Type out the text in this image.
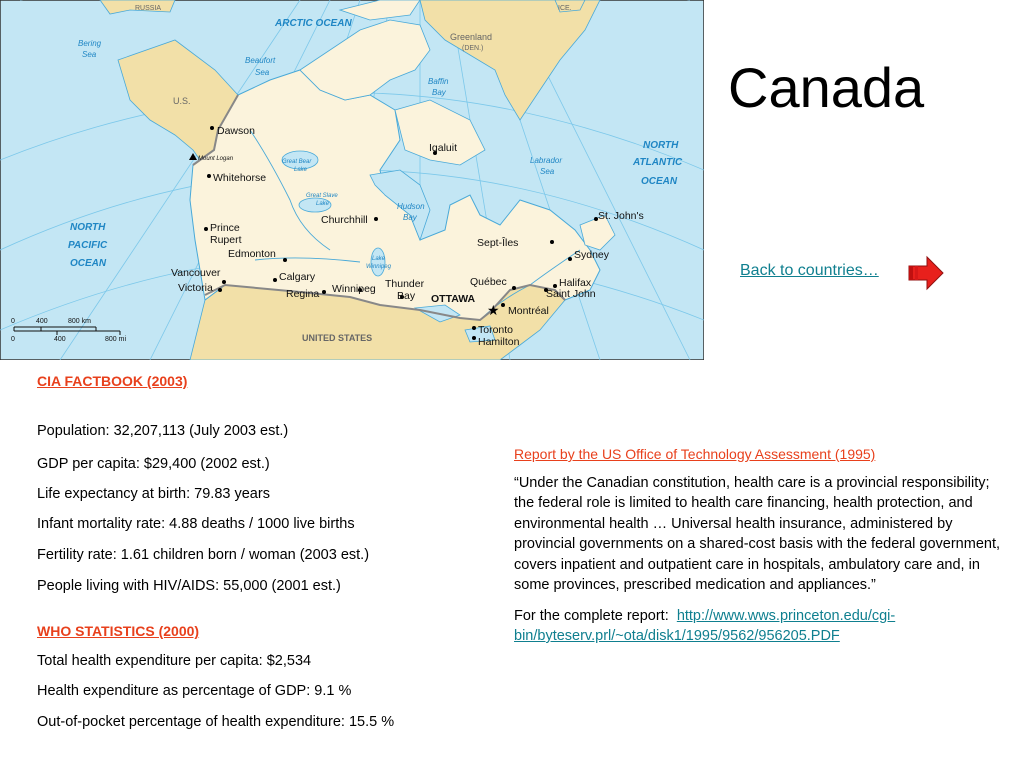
ARCTIC OCEAN
NORTH
ATLANTIC
OCEAN
NORTH
PACIFIC
OCEAN
Bering
Sea
Beaufort
Sea
Baffin
Bay
Labrador
Sea
Hudson
Bay
Great Bear
Lake
Great Slave
Lake
Lake
Winnipeg
RUSSIA	ICE.
Greenland
(DEN.)
U.S.
UNITED STATES
★
Dawson
Mount Logan
Whitehorse
Iqaluit
Churchhill
Prince
Rupert
Edmonton
Vancouver
Victoria
Calgary
Regina Winnipeg Thunder
Bay OTTAWA
Québec
Sept-Îles
St. John's
Sydney
Halifax
Saint John
Montréal
Toronto
Hamilton
0	400	800 km
0	400	800 mi
Canada
Back to countries…
CIA FACTBOOK (2003)
Population: 32,207,113 (July 2003 est.)
GDP per capita: $29,400 (2002 est.)
Life expectancy at birth: 79.83 years
Infant mortality rate: 4.88 deaths / 1000 live births
Fertility rate: 1.61 children born / woman (2003 est.)
People living with HIV/AIDS: 55,000 (2001 est.)
WHO STATISTICS (2000)
Total health expenditure per capita: $2,534
Health expenditure as percentage of GDP: 9.1 %
Out-of-pocket percentage of health expenditure: 15.5 %
Report by the US Office of Technology Assessment (1995)
“Under the Canadian constitution, health care is a provincial responsibility; the federal role is limited to health care financing, health protection, and environmental health … Universal health insurance, administered by provincial governments on a shared-cost basis with the federal government, covers inpatient and outpatient care in hospitals, ambulatory care and, in some provinces, prescribed medication and appliances.”
For the complete report: http://www.wws.princeton.edu/cgi-bin/byteserv.prl/~ota/disk1/1995/9562/956205.PDF
